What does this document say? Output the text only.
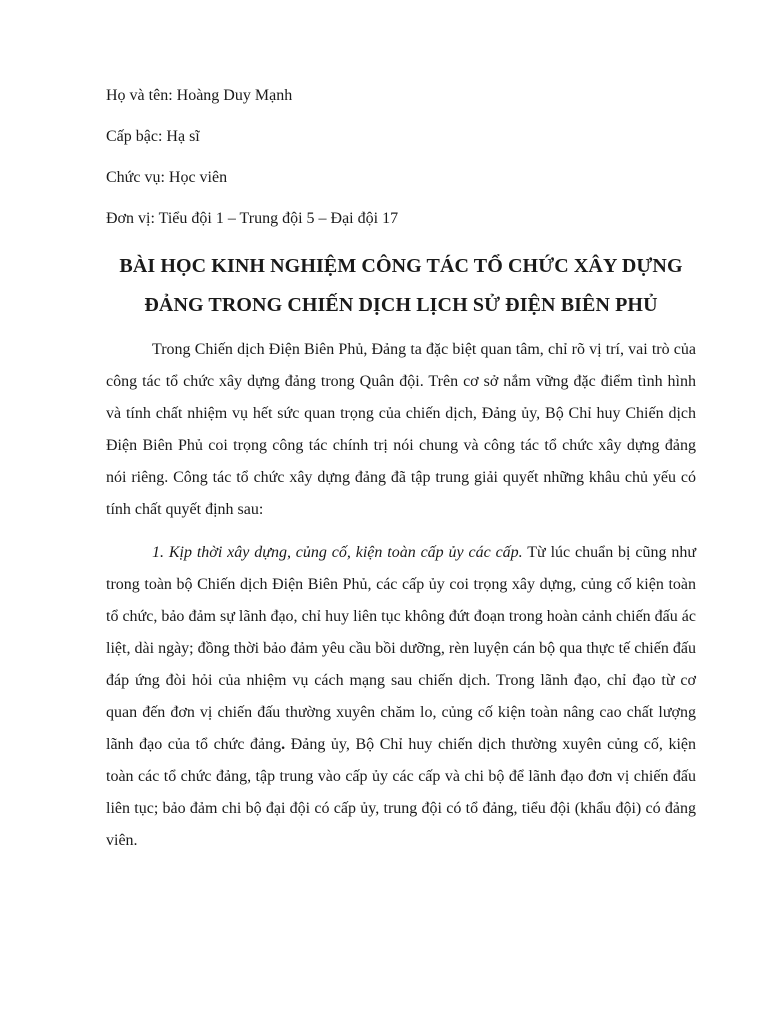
Họ và tên: Hoàng Duy Mạnh

Cấp bậc: Hạ sĩ

Chức vụ: Học viên

Đơn vị: Tiểu đội 1 – Trung đội 5 – Đại đội 17

BÀI HỌC KINH NGHIỆM CÔNG TÁC TỔ CHỨC XÂY DỰNG ĐẢNG TRONG CHIẾN DỊCH LỊCH SỬ ĐIỆN BIÊN PHỦ

Trong Chiến dịch Điện Biên Phủ, Đảng ta đặc biệt quan tâm, chỉ rõ vị trí, vai trò của công tác tổ chức xây dựng đảng trong Quân đội. Trên cơ sở nắm vững đặc điểm tình hình và tính chất nhiệm vụ hết sức quan trọng của chiến dịch, Đảng ủy, Bộ Chỉ huy Chiến dịch Điện Biên Phủ coi trọng công tác chính trị nói chung và công tác tổ chức xây dựng đảng nói riêng. Công tác tổ chức xây dựng đảng đã tập trung giải quyết những khâu chủ yếu có tính chất quyết định sau:

1. Kịp thời xây dựng, củng cố, kiện toàn cấp ủy các cấp. Từ lúc chuẩn bị cũng như trong toàn bộ Chiến dịch Điện Biên Phủ, các cấp ủy coi trọng xây dựng, củng cố kiện toàn tổ chức, bảo đảm sự lãnh đạo, chỉ huy liên tục không đứt đoạn trong hoàn cảnh chiến đấu ác liệt, dài ngày; đồng thời bảo đảm yêu cầu bồi dưỡng, rèn luyện cán bộ qua thực tế chiến đấu đáp ứng đòi hỏi của nhiệm vụ cách mạng sau chiến dịch. Trong lãnh đạo, chỉ đạo từ cơ quan đến đơn vị chiến đấu thường xuyên chăm lo, củng cố kiện toàn nâng cao chất lượng lãnh đạo của tổ chức đảng. Đảng ủy, Bộ Chỉ huy chiến dịch thường xuyên củng cố, kiện toàn các tổ chức đảng, tập trung vào cấp ủy các cấp và chi bộ để lãnh đạo đơn vị chiến đấu liên tục; bảo đảm chi bộ đại đội có cấp ủy, trung đội có tổ đảng, tiểu đội (khẩu đội) có đảng viên.
